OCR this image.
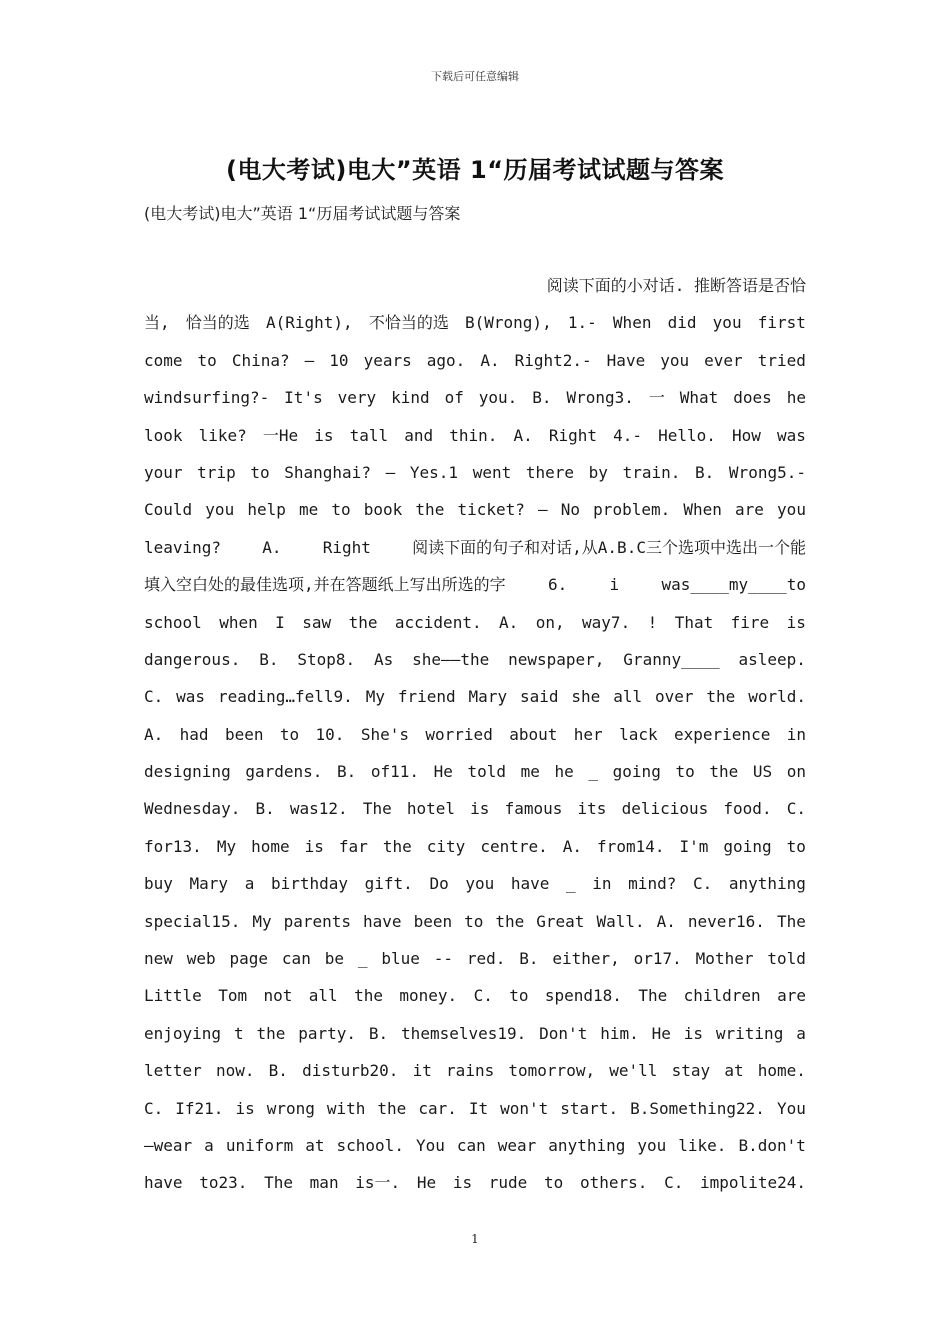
下载后可任意编辑
(电大考试)电大”英语 1“历届考试试题与答案
(电大考试)电大”英语 1“历届考试试题与答案
阅读下面的小对话. 推断答语是否恰
当, 恰当的选 A(Right), 不恰当的选 B(Wrong), 1.- When did you first
come to China? – 10 years ago. A. Right2.- Have you ever tried
windsurfing?- It's very kind of you. B. Wrong3. 一 What does he
look like? 一He is tall and thin. A. Right 4.- Hello. How was
your trip to Shanghai? – Yes.1 went there by train. B. Wrong5.-
Could you help me to book the ticket? – No problem. When are you
leaving?	A.	Right	阅读下面的句子和对话,从A.B.C三个选项中选出一个能
填入空白处的最佳选项,并在答题纸上写出所选的字	6.	i	was____my____to
school when I saw the accident. A. on, way7. ! That fire is
dangerous. B. Stop8. As she——the newspaper, Granny____ asleep.
C. was reading…fell9. My friend Mary said she all over the world.
A. had been to 10. She's worried about her lack experience in
designing gardens. B. of11. He told me he _ going to the US on
Wednesday. B. was12. The hotel is famous its delicious food. C.
for13. My home is far the city centre. A. from14. I'm going to
buy Mary a birthday gift. Do you have _ in mind? C. anything
special15. My parents have been to the Great Wall. A. never16. The
new web page can be _ blue -- red. B. either, or17. Mother told
Little Tom not all the money. C. to spend18. The children are
enjoying t the party. B. themselves19. Don't him. He is writing a
letter now. B. disturb20. it rains tomorrow, we'll stay at home.
C. If21. is wrong with the car. It won't start. B.Something22. You
—wear a uniform at school. You can wear anything you like. B.don't
have to23. The man is一. He is rude to others. C. impolite24.
1
